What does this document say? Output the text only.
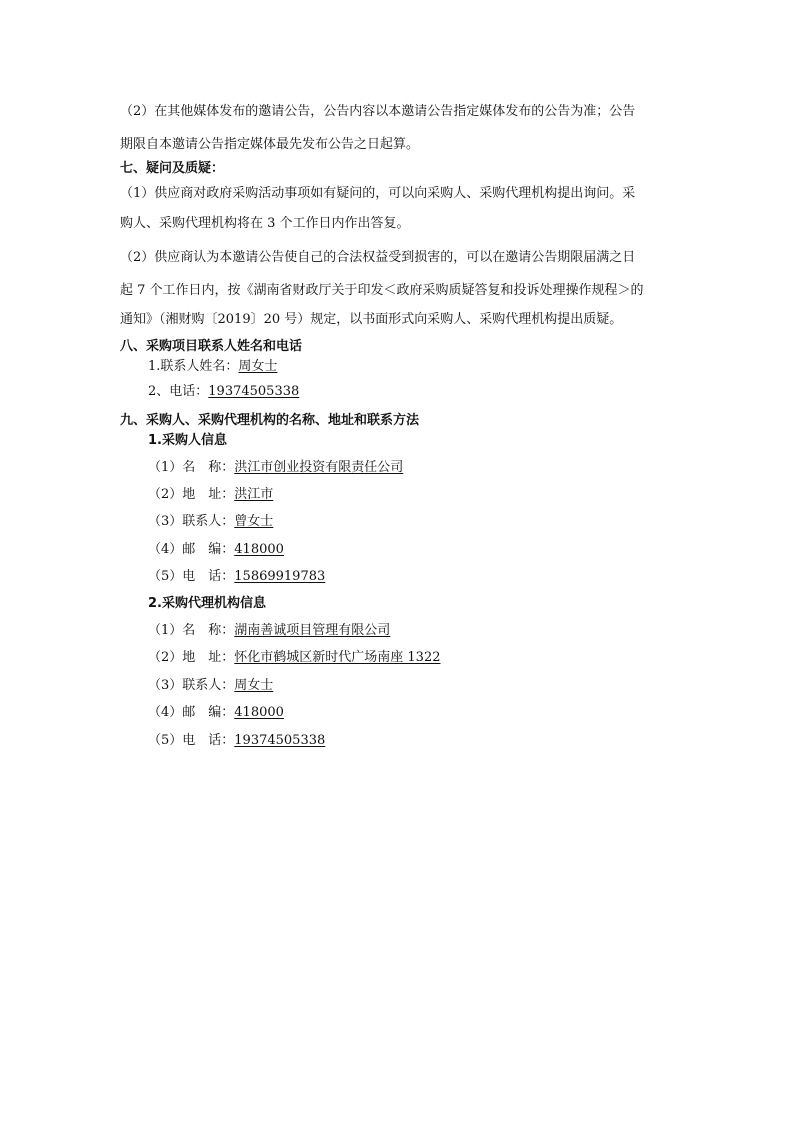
（2）在其他媒体发布的邀请公告，公告内容以本邀请公告指定媒体发布的公告为准；公告
期限自本邀请公告指定媒体最先发布公告之日起算。
七、疑问及质疑：
（1）供应商对政府采购活动事项如有疑问的，可以向采购人、采购代理机构提出询问。采
购人、采购代理机构将在 3 个工作日内作出答复。
（2）供应商认为本邀请公告使自己的合法权益受到损害的，可以在邀请公告期限届满之日
起 7 个工作日内，按《湖南省财政厅关于印发＜政府采购质疑答复和投诉处理操作规程＞的
通知》（湘财购〔2019〕20 号）规定，以书面形式向采购人、采购代理机构提出质疑。
八、采购项目联系人姓名和电话
1.联系人姓名：周女士
2、电话：19374505338
九、采购人、采购代理机构的名称、地址和联系方法
1.采购人信息
（1）名　称：洪江市创业投资有限责任公司
（2）地　址：洪江市
（3）联系人：曾女士
（4）邮　编：418000
（5）电　话：15869919783
2.采购代理机构信息
（1）名　称：湖南善诚项目管理有限公司
（2）地　址：怀化市鹤城区新时代广场南座 1322
（3）联系人：周女士
（4）邮　编：418000
（5）电　话：19374505338
